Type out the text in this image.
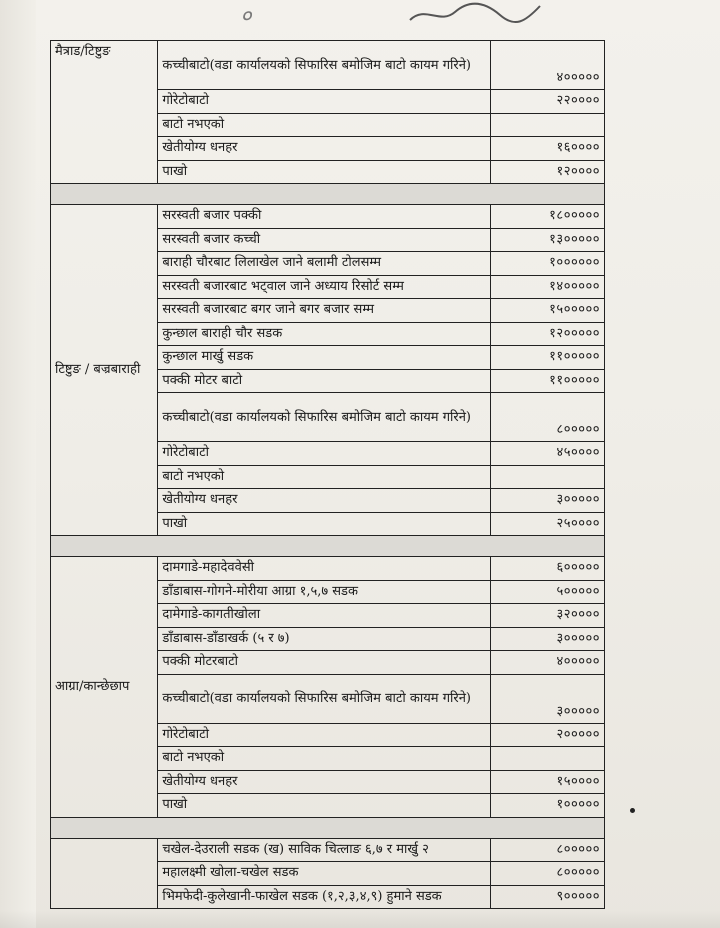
०
मैत्राड/टिष्टुङ	कच्चीबाटो(वडा कार्यालयको सिफारिस बमोजिम बाटो कायम गरिने)	४०००००
	गोरेटोबाटो	२२००००
	बाटो नभएको	
	खेतीयोग्य धनहर	१६००००
	पाखो	१२००००

टिष्टुङ / बज्रबाराही	सरस्वती बजार पक्की	१८०००००
	सरस्वती बजार कच्ची	१३०००००
	बाराही चौरबाट लिलाखेल जाने बलामी टोलसम्म	१००००००
	सरस्वती बजारबाट भट्वाल जाने अध्याय रिसोर्ट सम्म	१४०००००
	सरस्वती बजारबाट बगर जाने बगर बजार सम्म	१५०००००
	कुन्छाल बाराही चौर सडक	१२०००००
	कुन्छाल मार्खु सडक	११०००००
	पक्की मोटर बाटो	११०००००
	कच्चीबाटो(वडा कार्यालयको सिफारिस बमोजिम बाटो कायम गरिने)	८०००००
	गोरेटोबाटो	४५००००
	बाटो नभएको	
	खेतीयोग्य धनहर	३०००००
	पाखो	२५००००

आग्रा/कान्छेछाप	दामगाडे-महादेववेसी	६०००००
	डाँडाबास-गोगने-मोरीया आग्रा १,५,७ सडक	५०००००
	दामेगाडे-कागतीखोला	३२००००
	डाँडाबास-डाँडाखर्क (५ र ७)	३०००००
	पक्की मोटरबाटो	४०००००
	कच्चीबाटो(वडा कार्यालयको सिफारिस बमोजिम बाटो कायम गरिने)	३०००००
	गोरेटोबाटो	२०००००
	बाटो नभएको	
	खेतीयोग्य धनहर	१५००००
	पाखो	१०००००

	चखेल-देउराली सडक (ख) साविक चित्लाङ ६,७ र मार्खु २	८०००००
	महालक्ष्मी खोला-चखेल सडक	८०००००
	भिमफेदी-कुलेखानी-फाखेल सडक (१,२,३,४,९) हुमाने सडक	९०००००
